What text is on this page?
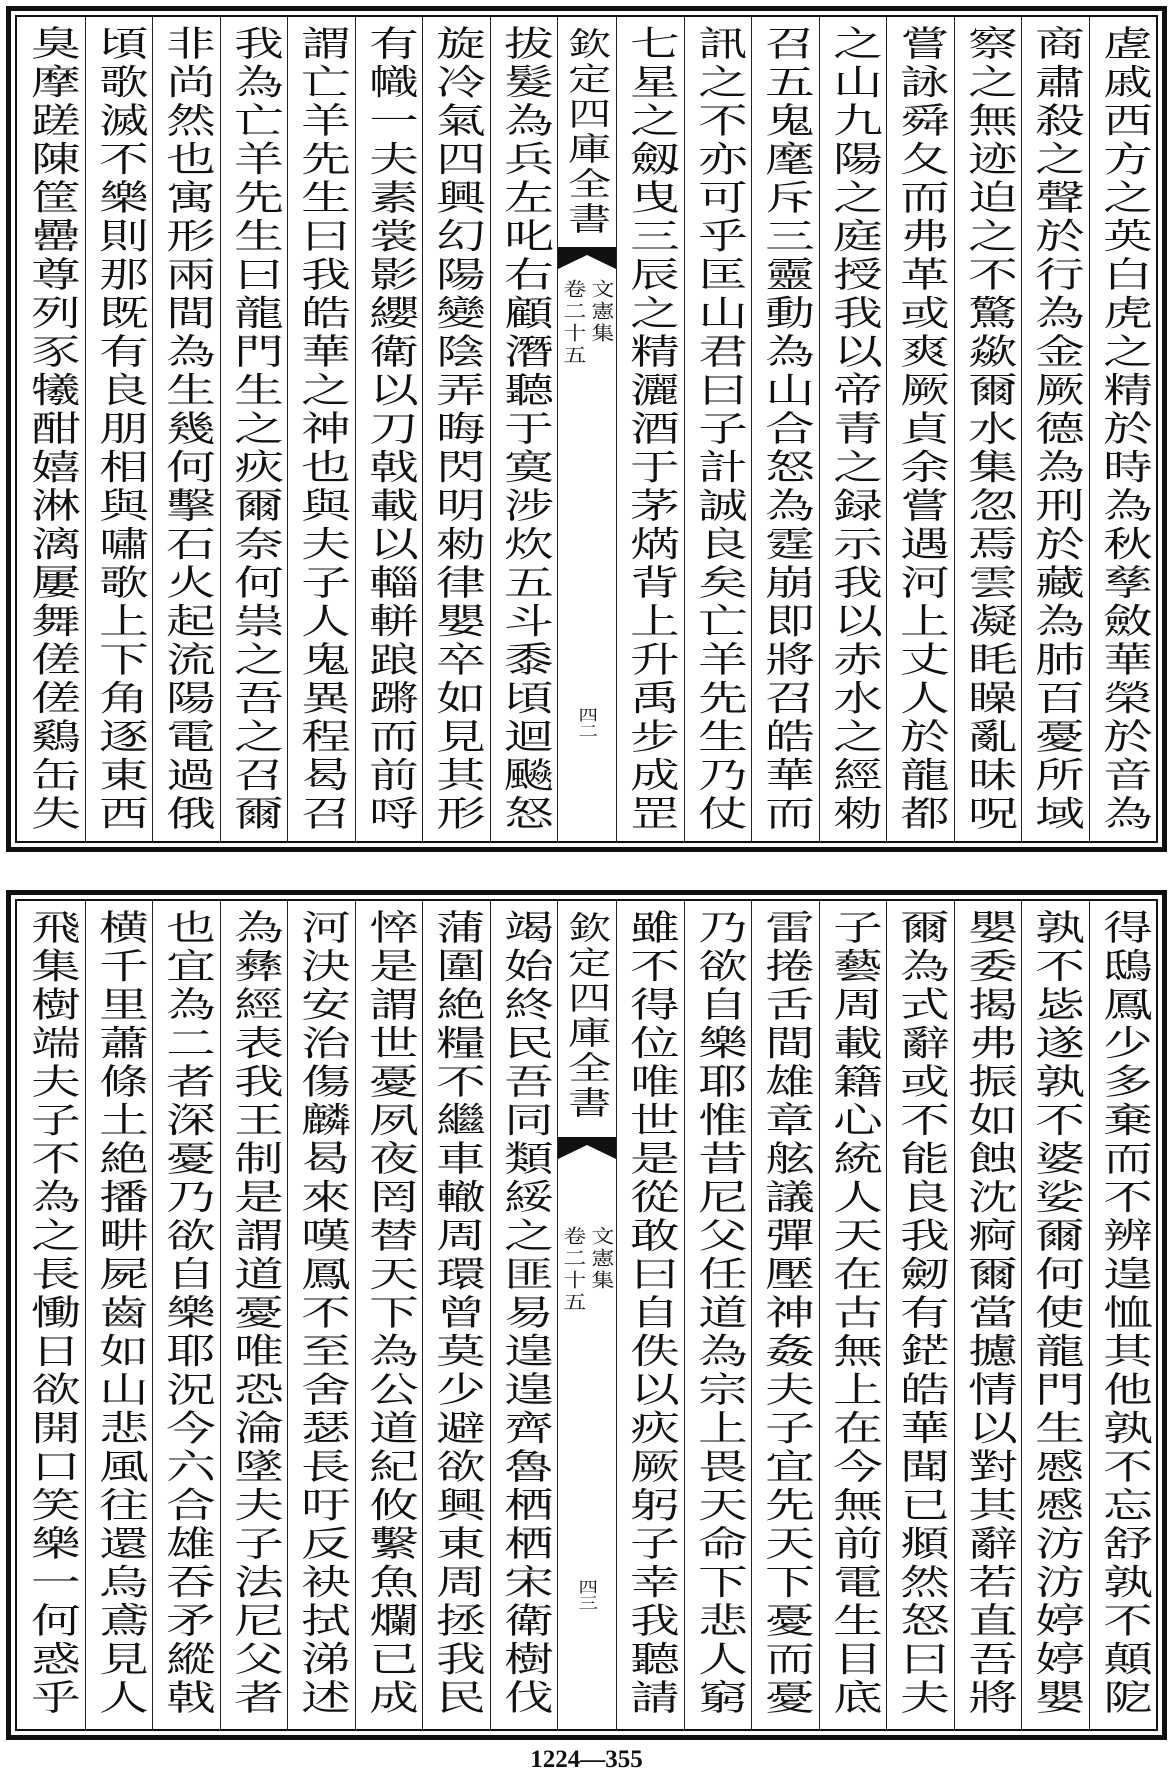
虗戚西方之英白虎之精於時為秋孳斂華榮於音為
商肅殺之聲於行為金厥德為刑於藏為肺百憂所域
察之無迹迫之不驚歘爾水集忽焉雲凝眊矂亂昧呪
嘗詠舜夂而弗革或爽厥貞余嘗遇河上丈人於龍都
之山九陽之庭授我以帝青之録示我以赤水之經勑
召五鬼麾斥三靈動為山合怒為霆崩即將召皓華而
訊之不亦可乎匡山君曰子計誠良矣亡羊先生乃仗
七星之劔曳三辰之精灑酒于茅焫背上升禹步成罡
欽定四庫全書
文憲集
卷二十五
四二
拔髮為兵左叱右顧潛聽于寞涉炊五斗黍頃迴飈怒
旋冷氣四興幻陽變陰弄晦閃明勑律嬰卒如見其形
有幟一夫素裳影纓衛以刀戟載以輜軿踉蹡而前哷
謂亡羊先生曰我皓華之神也與夫子人鬼異程曷召
我為亡羊先生曰龍門生之疢爾奈何祟之吾之召爾
非尚然也寓形兩間為生幾何擊石火起流陽電過俄
頃歌滅不樂則那既有良朋相與嘯歌上下角逐東西
臭摩蹉陳筐罍尊列豕犧酣嬉淋漓屢舞傞傞鷄缶失
得鴟鳳少多棄而不辨遑恤其他孰不忘舒孰不顛阸
孰不毖遂孰不婆娑爾何使龍門生慼慼汸汸婷婷嬰
嬰委揭弗振如蝕沈痾爾當攄情以對其辭若直吾將
爾為式辭或不能良我劒有鋩皓華聞已頫然怒曰夫
子藝周載籍心統人天在古無上在今無前電生目底
雷捲舌間雄章舷議彈壓神姦夫子宜先天下憂而憂
乃欲自樂耶惟昔尼父任道為宗上畏天命下悲人窮
雖不得位唯世是從敢曰自佚以疢厥躬子幸我聽請
欽定四庫全書
文憲集
卷二十五
四三
竭始終民吾同類綏之匪易遑遑齊魯栖栖宋衛樹伐
蒲圍絶糧不繼車轍周環曾莫少避欲興東周拯我民
悴是謂世憂夙夜罔替天下為公道紀攸繫魚爛已成
河決安治傷麟曷來嘆鳳不至舍瑟長吁反袂拭涕述
為彝經表我王制是謂道憂唯恐淪墜夫子法尼父者
也宜為二者深憂乃欲自樂耶況今六合雄吞矛縱戟
横千里蕭條土絶播畊屍齒如山悲風往還烏鳶見人
飛集樹端夫子不為之長慟日欲開口笑樂一何惑乎
1224—355
